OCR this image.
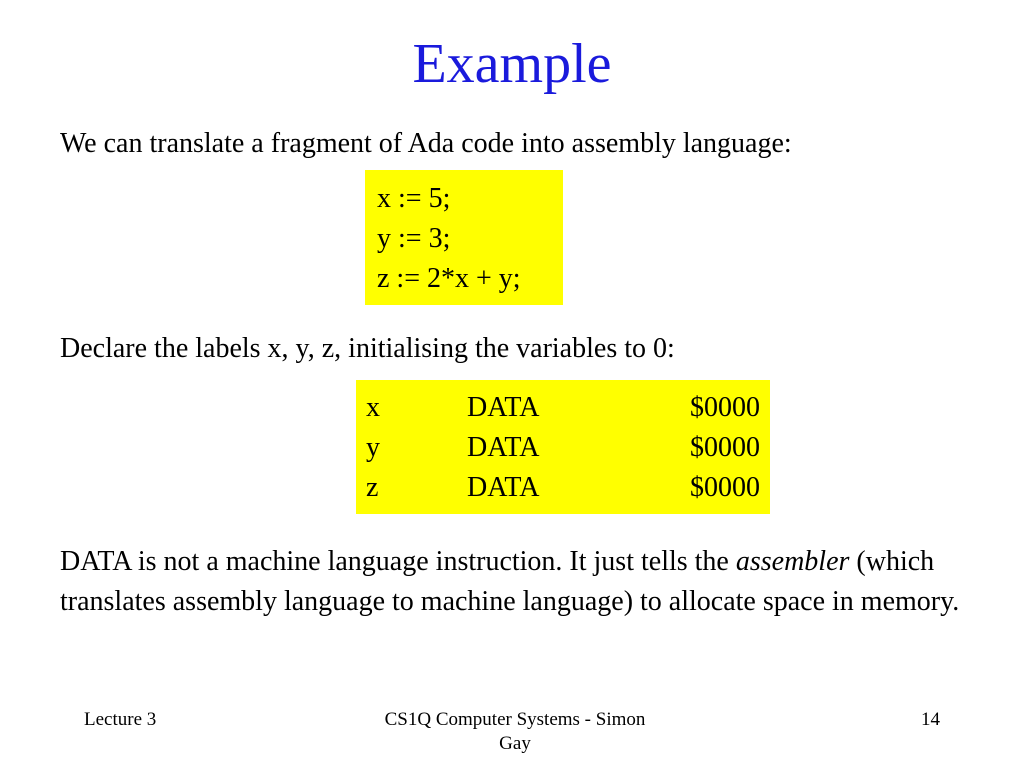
Example
We can translate a fragment of Ada code into assembly language:
x := 5;
y := 3;
z := 2*x + y;
Declare the labels x, y, z, initialising the variables to 0:
x	DATA	$0000
y	DATA	$0000
z	DATA	$0000
DATA is not a machine language instruction. It just tells the assembler (which translates assembly language to machine language) to allocate space in memory.
Lecture 3	CS1Q Computer Systems - Simon Gay
14
